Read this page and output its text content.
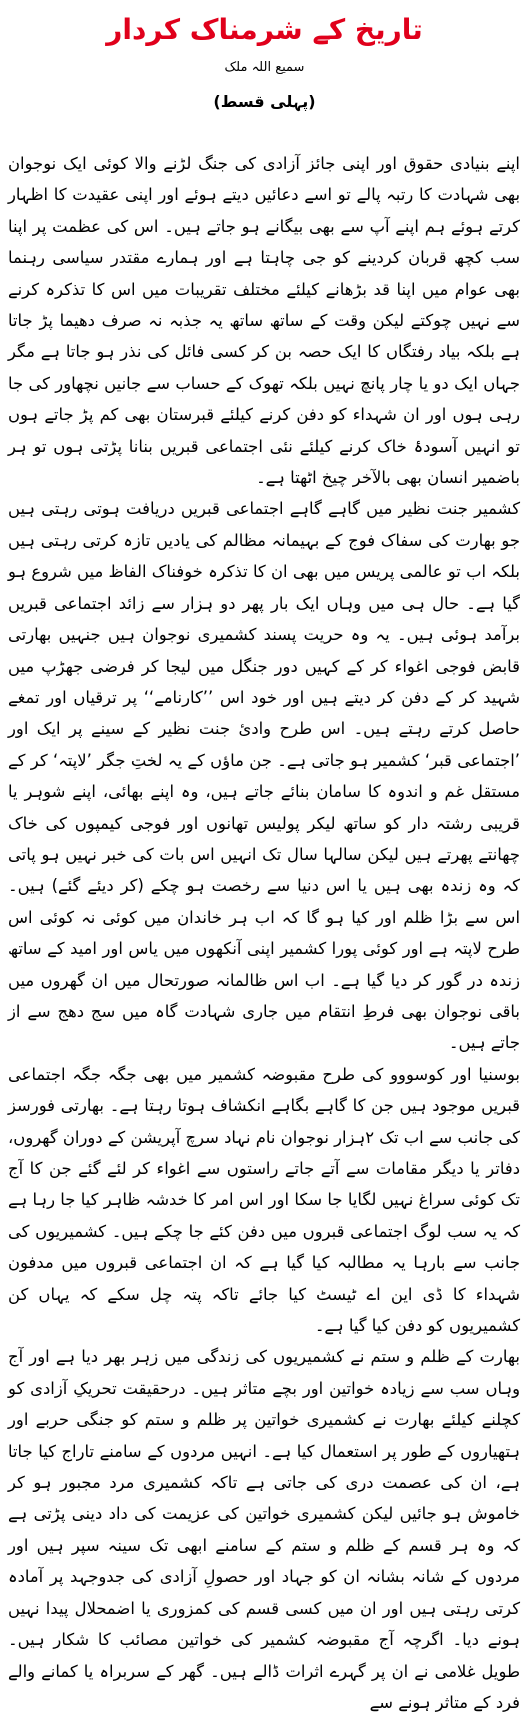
تاریخ کے شرمناک کردار
سمیع اللہ ملک
(پہلی قسط)

اپنے بنیادی حقوق اور اپنی جائز آزادی کی جنگ لڑنے والا کوئی ایک نوجوان بھی شہادت کا رتبہ پالے تو اسے دعائیں دیتے ہوئے اور اپنی عقیدت کا اظہار کرتے ہوئے ہم اپنے آپ سے بھی بیگانے ہو جاتے ہیں۔ اس کی عظمت پر اپنا سب کچھ قربان کردینے کو جی چاہتا ہے اور ہمارے مقتدر سیاسی رہنما بھی عوام میں اپنا قد بڑھانے کیلئے مختلف تقریبات میں اس کا تذکرہ کرنے سے نہیں چوکتے لیکن وقت کے ساتھ ساتھ یہ جذبہ نہ صرف دھیما پڑ جاتا ہے بلکہ بیاد رفتگاں کا ایک حصہ بن کر کسی فائل کی نذر ہو جاتا ہے مگر جہاں ایک دو یا چار پانچ نہیں بلکہ تھوک کے حساب سے جانیں نچھاور کی جا رہی ہوں اور ان شہداء کو دفن کرنے کیلئے قبرستان بھی کم پڑ جاتے ہوں تو انہیں آسودۂ خاک کرنے کیلئے نئی اجتماعی قبریں بنانا پڑتی ہوں تو ہر باضمیر انسان بھی بالآخر چیخ اٹھتا ہے۔

کشمیر جنت نظیر میں گاہے گاہے اجتماعی قبریں دریافت ہوتی رہتی ہیں جو بھارت کی سفاک فوج کے بہیمانہ مظالم کی یادیں تازہ کرتی رہتی ہیں بلکہ اب تو عالمی پریس میں بھی ان کا تذکرہ خوفناک الفاظ میں شروع ہو گیا ہے۔ حال ہی میں وہاں ایک بار پھر دو ہزار سے زائد اجتماعی قبریں برآمد ہوئی ہیں۔ یہ وہ حریت پسند کشمیری نوجوان ہیں جنہیں بھارتی قابض فوجی اغواء کر کے کہیں دور جنگل میں لیجا کر فرضی جھڑپ میں شہید کر کے دفن کر دیتے ہیں اور خود اس ’’کارنامے‘‘ پر ترقیاں اور تمغے حاصل کرتے رہتے ہیں۔ اس طرح وادیٔ جنت نظیر کے سینے پر ایک اور ’اجتماعی قبر‘ کشمیر ہو جاتی ہے۔ جن ماؤں کے یہ لختِ جگر ’لاپتہ‘ کر کے مستقل غم و اندوہ کا سامان بنائے جاتے ہیں، وہ اپنے بھائی، اپنے شوہر یا قریبی رشتہ دار کو ساتھ لیکر پولیس تھانوں اور فوجی کیمپوں کی خاک چھانتے پھرتے ہیں لیکن سالہا سال تک انہیں اس بات کی خبر نہیں ہو پاتی کہ وہ زندہ بھی ہیں یا اس دنیا سے رخصت ہو چکے (کر دیئے گئے) ہیں۔ اس سے بڑا ظلم اور کیا ہو گا کہ اب ہر خاندان میں کوئی نہ کوئی اس طرح لاپتہ ہے اور کوئی پورا کشمیر اپنی آنکھوں میں یاس اور امید کے ساتھ زندہ در گور کر دیا گیا ہے۔ اب اس ظالمانہ صورتحال میں ان گھروں میں باقی نوجوان بھی فرطِ انتقام میں جاری شہادت گاہ میں سج دھج سے از جاتے ہیں۔

بوسنیا اور کوسووو کی طرح مقبوضہ کشمیر میں بھی جگہ جگہ اجتماعی قبریں موجود ہیں جن کا گاہے بگاہے انکشاف ہوتا رہتا ہے۔ بھارتی فورسز کی جانب سے اب تک ۲ہزار نوجوان نام نہاد سرچ آپریشن کے دوران گھروں، دفاتر یا دیگر مقامات سے آتے جاتے راستوں سے اغواء کر لئے گئے جن کا آج تک کوئی سراغ نہیں لگایا جا سکا اور اس امر کا خدشہ ظاہر کیا جا رہا ہے کہ یہ سب لوگ اجتماعی قبروں میں دفن کئے جا چکے ہیں۔ کشمیریوں کی جانب سے بارہا یہ مطالبہ کیا گیا ہے کہ ان اجتماعی قبروں میں مدفون شہداء کا ڈی این اے ٹیسٹ کیا جائے تاکہ پتہ چل سکے کہ یہاں کن کشمیریوں کو دفن کیا گیا ہے۔

بھارت کے ظلم و ستم نے کشمیریوں کی زندگی میں زہر بھر دیا ہے اور آج وہاں سب سے زیادہ خواتین اور بچے متاثر ہیں۔ درحقیقت تحریکِ آزادی کو کچلنے کیلئے بھارت نے کشمیری خواتین پر ظلم و ستم کو جنگی حربے اور ہتھیاروں کے طور پر استعمال کیا ہے۔ انہیں مردوں کے سامنے تاراج کیا جاتا ہے، ان کی عصمت دری کی جاتی ہے تاکہ کشمیری مرد مجبور ہو کر خاموش ہو جائیں لیکن کشمیری خواتین کی عزیمت کی داد دینی پڑتی ہے کہ وہ ہر قسم کے ظلم و ستم کے سامنے ابھی تک سینہ سپر ہیں اور مردوں کے شانہ بشانہ ان کو جہاد اور حصولِ آزادی کی جدوجہد پر آمادہ کرتی رہتی ہیں اور ان میں کسی قسم کی کمزوری یا اضمحلال پیدا نہیں ہونے دیا۔ اگرچہ آج مقبوضہ کشمیر کی خواتین مصائب کا شکار ہیں۔ طویل غلامی نے ان پر گہرے اثرات ڈالے ہیں۔ گھر کے سربراہ یا کمانے والے فرد کے متاثر ہونے سے
